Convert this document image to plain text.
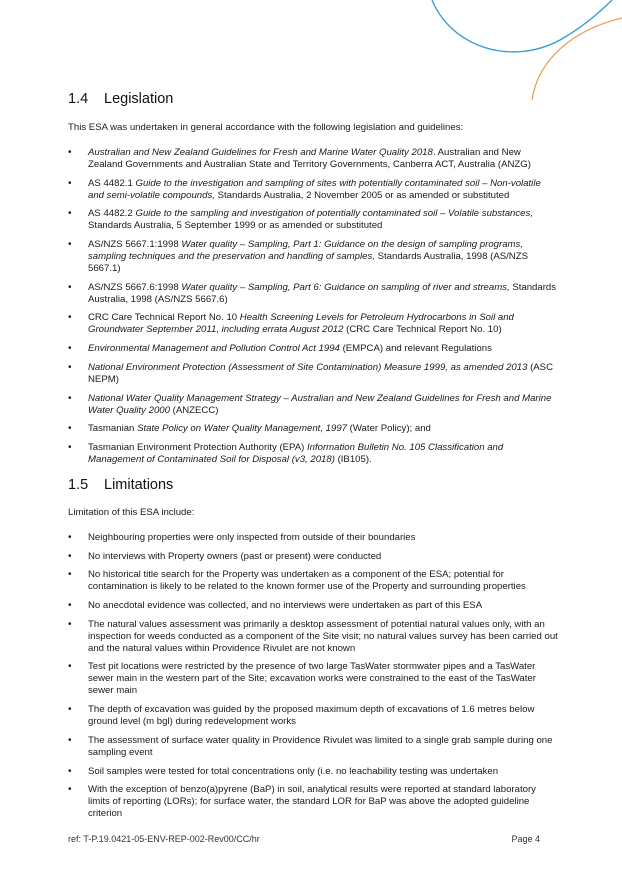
1.4 Legislation

This ESA was undertaken in general accordance with the following legislation and guidelines:

• Australian and New Zealand Guidelines for Fresh and Marine Water Quality 2018. Australian and New Zealand Governments and Australian State and Territory Governments, Canberra ACT, Australia (ANZG)
• AS 4482.1 Guide to the investigation and sampling of sites with potentially contaminated soil – Non-volatile and semi-volatile compounds, Standards Australia, 2 November 2005 or as amended or substituted
• AS 4482.2 Guide to the sampling and investigation of potentially contaminated soil – Volatile substances, Standards Australia, 5 September 1999 or as amended or substituted
• AS/NZS 5667.1:1998 Water quality – Sampling, Part 1: Guidance on the design of sampling programs, sampling techniques and the preservation and handling of samples, Standards Australia, 1998 (AS/NZS 5667.1)
• AS/NZS 5667.6:1998 Water quality – Sampling, Part 6: Guidance on sampling of river and streams, Standards Australia, 1998 (AS/NZS 5667.6)
• CRC Care Technical Report No. 10 Health Screening Levels for Petroleum Hydrocarbons in Soil and Groundwater September 2011, including errata August 2012 (CRC Care Technical Report No. 10)
• Environmental Management and Pollution Control Act 1994 (EMPCA) and relevant Regulations
• National Environment Protection (Assessment of Site Contamination) Measure 1999, as amended 2013 (ASC NEPM)
• National Water Quality Management Strategy – Australian and New Zealand Guidelines for Fresh and Marine Water Quality 2000 (ANZECC)
• Tasmanian State Policy on Water Quality Management, 1997 (Water Policy); and
• Tasmanian Environment Protection Authority (EPA) Information Bulletin No. 105 Classification and Management of Contaminated Soil for Disposal (v3, 2018) (IB105).
1.5 Limitations

Limitation of this ESA include:

• Neighbouring properties were only inspected from outside of their boundaries
• No interviews with Property owners (past or present) were conducted
• No historical title search for the Property was undertaken as a component of the ESA; potential for contamination is likely to be related to the known former use of the Property and surrounding properties
• No anecdotal evidence was collected, and no interviews were undertaken as part of this ESA
• The natural values assessment was primarily a desktop assessment of potential natural values only, with an inspection for weeds conducted as a component of the Site visit; no natural values survey has been carried out and the natural values within Providence Rivulet are not known
• Test pit locations were restricted by the presence of two large TasWater stormwater pipes and a TasWater sewer main in the western part of the Site; excavation works were constrained to the east of the TasWater sewer main
• The depth of excavation was guided by the proposed maximum depth of excavations of 1.6 metres below ground level (m bgl) during redevelopment works
• The assessment of surface water quality in Providence Rivulet was limited to a single grab sample during one sampling event
• Soil samples were tested for total concentrations only (i.e. no leachability testing was undertaken
• With the exception of benzo(a)pyrene (BaP) in soil, analytical results were reported at standard laboratory limits of reporting (LORs); for surface water, the standard LOR for BaP was above the adopted guideline criterion
ref: T-P.19.0421-05-ENV-REP-002-Rev00/CC/hr	Page 4
